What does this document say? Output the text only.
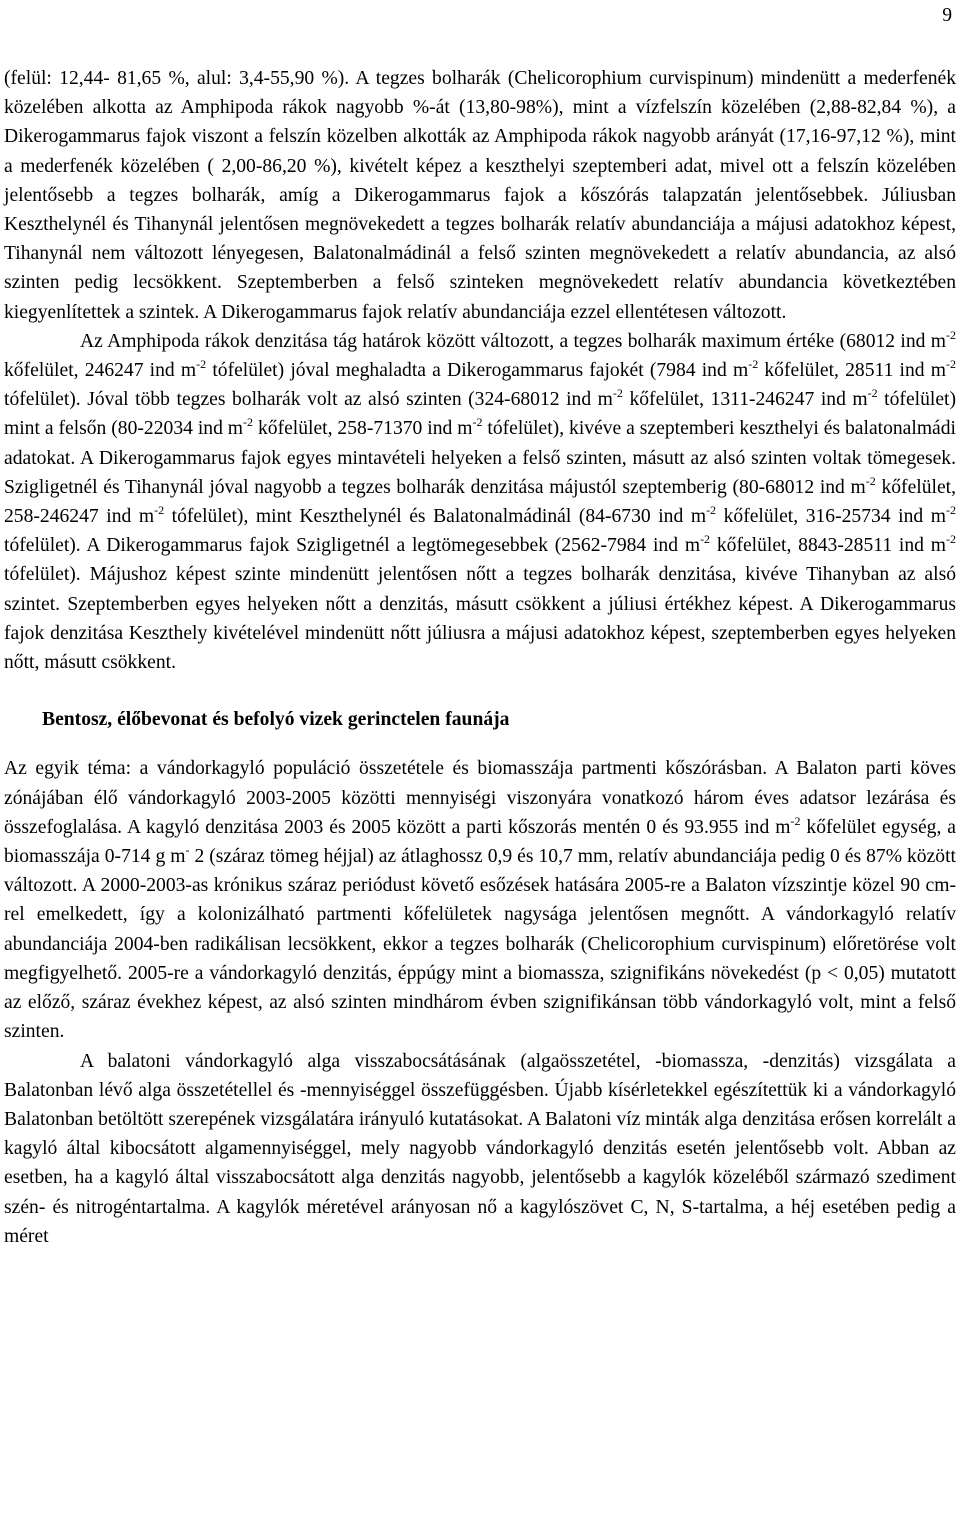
9

(felül: 12,44- 81,65 %, alul: 3,4-55,90 %). A tegzes bolharák (Chelicorophium curvispinum) mindenütt a mederfenék közelében alkotta az Amphipoda rákok nagyobb %-át (13,80-98%), mint a vízfelszín közelében (2,88-82,84 %), a Dikerogammarus fajok viszont a felszín közelben alkották az Amphipoda rákok nagyobb arányát (17,16-97,12 %), mint a mederfenék közelében ( 2,00-86,20 %), kivételt képez a keszthelyi szeptemberi adat, mivel ott a felszín közelében jelentősebb a tegzes bolharák, amíg a Dikerogammarus fajok a kőszórás talapzatán jelentősebbek. Júliusban Keszthelynél és Tihanynál jelentősen megnövekedett a tegzes bolharák relatív abundanciája a májusi adatokhoz képest, Tihanynál nem változott lényegesen, Balatonalmádinál a felső szinten megnövekedett a relatív abundancia, az alsó szinten pedig lecsökkent. Szeptemberben a felső szinteken megnövekedett relatív abundancia következtében kiegyenlítettek a szintek. A Dikerogammarus fajok relatív abundanciája ezzel ellentétesen változott.

Az Amphipoda rákok denzitása tág határok között változott, a tegzes bolharák maximum értéke (68012 ind $m^{-2}$ kőfelület, 246247 ind $m^{-2}$ tófelület) jóval meghaladta a Dikerogammarus fajokét (7984 ind $m^{-2}$ kőfelület, 28511 ind $m^{-2}$ tófelület). Jóval több tegzes bolharák volt az alsó szinten (324-68012 ind $m^{-2}$ kőfelület, 1311-246247 ind $m^{-2}$ tófelület) mint a felsőn (80-22034 ind $m^{-2}$ kőfelület, 258-71370 ind $m^{-2}$ tófelület), kivéve a szeptemberi keszthelyi és balatonalmádi adatokat. A Dikerogammarus fajok egyes mintavételi helyeken a felső szinten, másutt az alsó szinten voltak tömegesek. Szigligetnél és Tihanynál jóval nagyobb a tegzes bolharák denzitása májustól szeptemberig (80-68012 ind $m^{-2}$ kőfelület, 258-246247 ind $m^{-2}$ tófelület), mint Keszthelynél és Balatonalmádinál (84-6730 ind $m^{-2}$ kőfelület, 316-25734 ind $m^{-2}$ tófelület). A Dikerogammarus fajok Szigligetnél a legtömegesebbek (2562-7984 ind $m^{-2}$ kőfelület, 8843-28511 ind $m^{-2}$ tófelület). Májushoz képest szinte mindenütt jelentősen nőtt a tegzes bolharák denzitása, kivéve Tihanyban az alsó szintet. Szeptemberben egyes helyeken nőtt a denzitás, másutt csökkent a júliusi értékhez képest. A Dikerogammarus fajok denzitása Keszthely kivételével mindenütt nőtt júliusra a májusi adatokhoz képest, szeptemberben egyes helyeken nőtt, másutt csökkent.

Bentosz, élőbevonat és befolyó vizek gerinctelen faunája

Az egyik téma: a vándorkagyló populáció összetétele és biomasszája partmenti kőszórásban. A Balaton parti köves zónájában élő vándorkagyló 2003-2005 közötti mennyiségi viszonyára vonatkozó három éves adatsor lezárása és összefoglalása. A kagyló denzitása 2003 és 2005 között a parti kőszorás mentén 0 és 93.955 ind $m^{-2}$ kőfelület egység, a biomasszája 0-714 g m- 2 (száraz tömeg héjjal) az átlaghossz 0,9 és 10,7 mm, relatív abundanciája pedig 0 és 87% között változott. A 2000-2003-as krónikus száraz periódust követő esőzések hatására 2005-re a Balaton vízszintje közel 90 cm-rel emelkedett, így a kolonizálható partmenti kőfelületek nagysága jelentősen megnőtt. A vándorkagyló relatív abundanciája 2004-ben radikálisan lecsökkent, ekkor a tegzes bolharák (Chelicorophium curvispinum) előretörése volt megfigyelhető. 2005-re a vándorkagyló denzitás, éppúgy mint a biomassza, szignifikáns növekedést (p < 0,05) mutatott az előző, száraz évekhez képest, az alsó szinten mindhárom évben szignifikánsan több vándorkagyló volt, mint a felső szinten.

A balatoni vándorkagyló alga visszabocsátásának (algaösszetétel, -biomassza, -denzitás) vizsgálata a Balatonban lévő alga összetétellel és -mennyiséggel összefüggésben. Újabb kísérletekkel egészítettük ki a vándorkagyló Balatonban betöltött szerepének vizsgálatára irányuló kutatásokat. A Balatoni víz minták alga denzitása erősen korrelált a kagyló által kibocsátott algamennyiséggel, mely nagyobb vándorkagyló denzitás esetén jelentősebb volt. Abban az esetben, ha a kagyló által visszabocsátott alga denzitás nagyobb, jelentősebb a kagylók közeléből származó szediment szén- és nitrogéntartalma. A kagylók méretével arányosan nő a kagylószövet C, N, S-tartalma, a héj esetében pedig a méret
